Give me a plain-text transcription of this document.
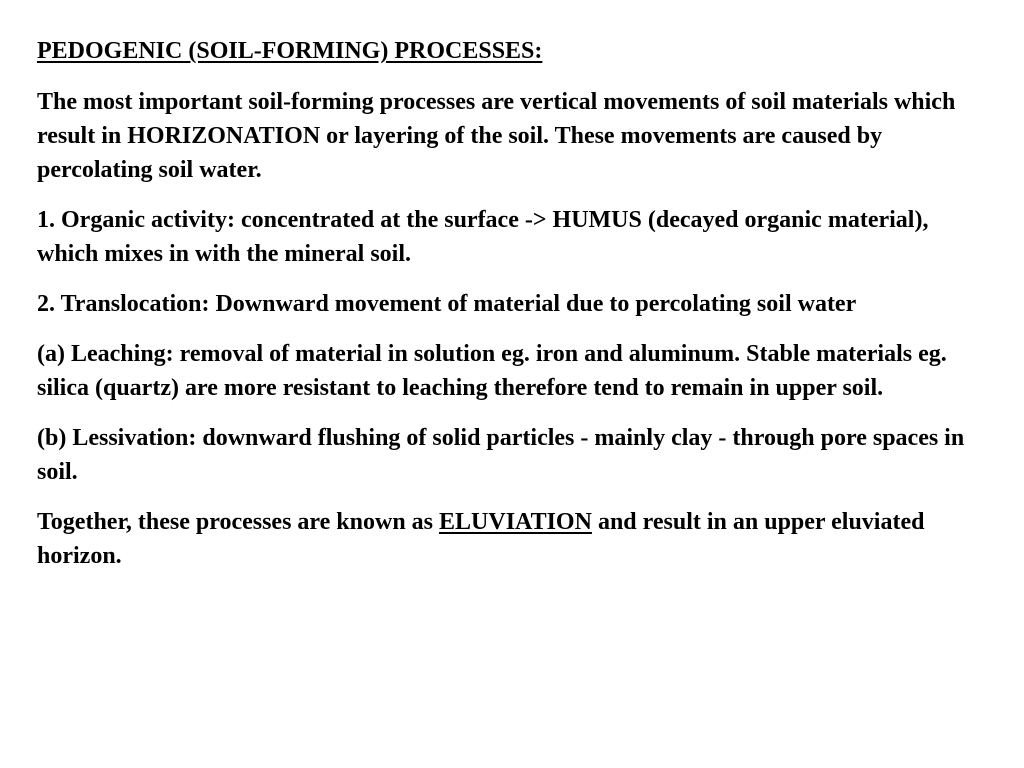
PEDOGENIC (SOIL-FORMING) PROCESSES:
The most important soil-forming processes are vertical movements of soil materials which result in HORIZONATION or layering of the soil. These movements are caused by percolating soil water.
1. Organic activity: concentrated at the surface -> HUMUS (decayed organic material), which mixes in with the mineral soil.
2. Translocation: Downward movement of material due to percolating soil water
(a) Leaching: removal of material in solution eg. iron and aluminum. Stable materials eg. silica (quartz) are more resistant to leaching therefore tend to remain in upper soil.
(b) Lessivation: downward flushing of solid particles - mainly clay - through pore spaces in soil.
Together, these processes are known as ELUVIATION and result in an upper eluviated horizon.
